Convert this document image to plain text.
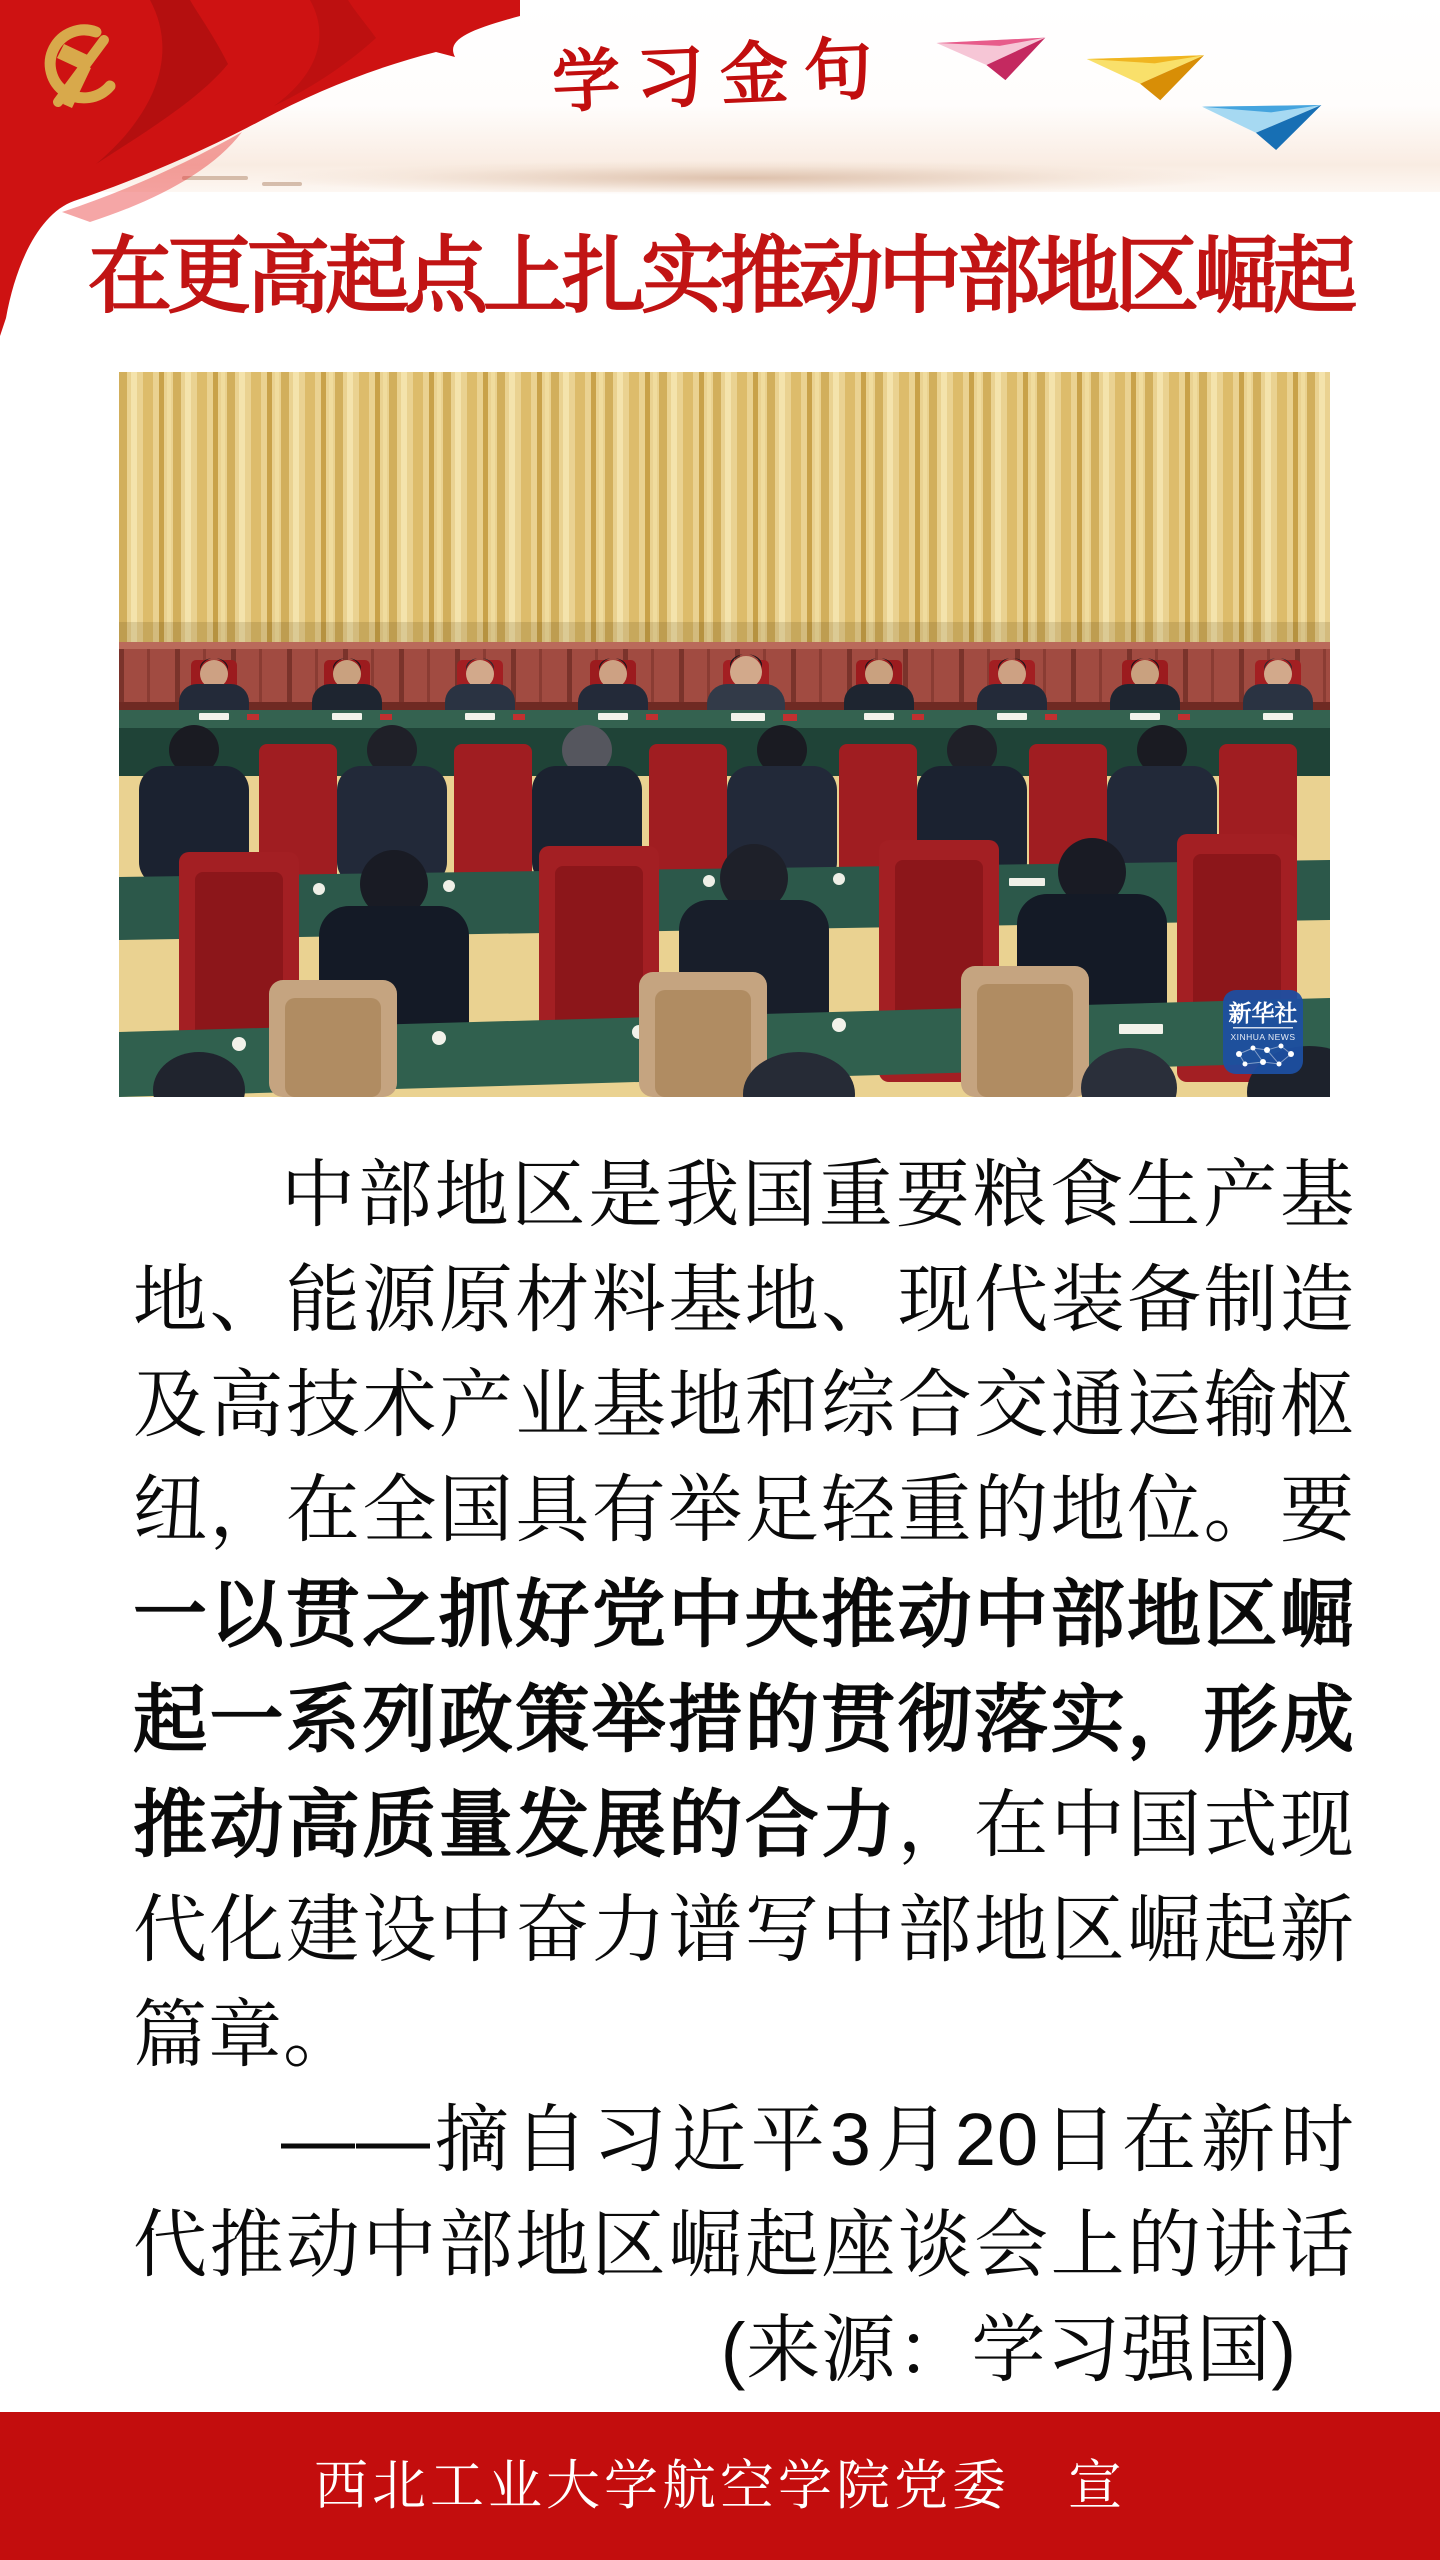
学习金句
在更高起点上扎实推动中部地区崛起
新华社
XINHUA NEWS
中部地区是我国重要粮食生产基
地、能源原材料基地、现代装备制造
及高技术产业基地和综合交通运输枢
纽，在全国具有举足轻重的地位。要
一以贯之抓好党中央推动中部地区崛
起一系列政策举措的贯彻落实，形成
推动高质量发展的合力，在中国式现
代化建设中奋力谱写中部地区崛起新
篇章。
——摘自习近平3月20日在新时
代推动中部地区崛起座谈会上的讲话
(来源：学习强国)
西北工业大学航空学院党委　宣
